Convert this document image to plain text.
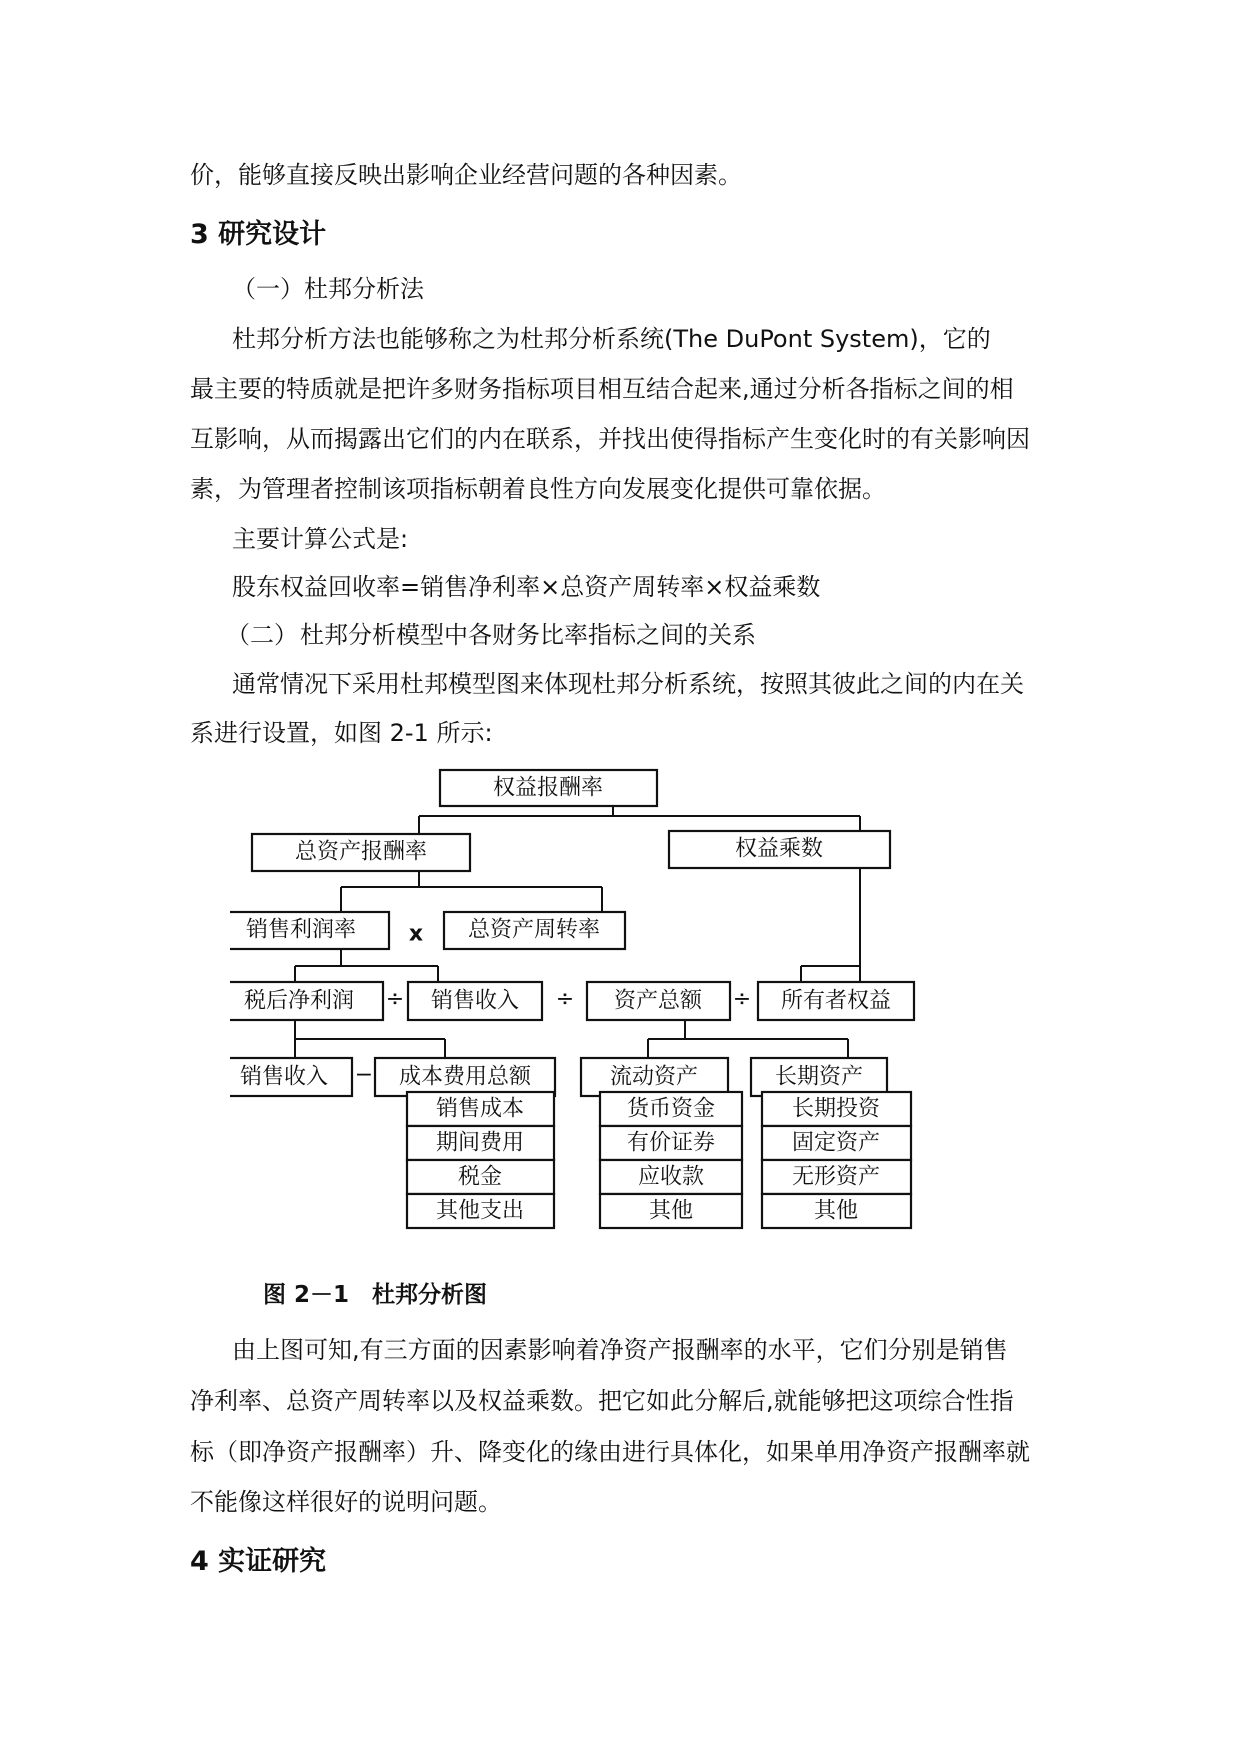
价，能够直接反映出影响企业经营问题的各种因素。

3 研究设计
（一）杜邦分析法

杜邦分析方法也能够称之为杜邦分析系统(The DuPont System)，它的

最主要的特质就是把许多财务指标项目相互结合起来,通过分析各指标之间的相

互影响，从而揭露出它们的内在联系，并找出使得指标产生变化时的有关影响因

素，为管理者控制该项指标朝着良性方向发展变化提供可靠依据。

主要计算公式是:

股东权益回收率=销售净利率×总资产周转率×权益乘数

（二） 杜邦分析模型中各财务比率指标之间的关系

通常情况下采用杜邦模型图来体现杜邦分析系统，按照其彼此之间的内在关

系进行设置，如图 2-1 所示:

权益报酬率
总资产报酬率	权益乘数
销售利润率 x 总资产周转率
税后净利润 ÷ 销售收入 ÷ 资产总额 ÷ 所有者权益
销售收入 − 成本费用总额	流动资产	长期资产
销售成本
期间费用
税金
其他支出
货币资金
有价证券
应收款
其他
长期投资
固定资产
无形资产
其他
图 2－1 杜邦分析图

由上图可知,有三方面的因素影响着净资产报酬率的水平，它们分别是销售

净利率、总资产周转率以及权益乘数。把它如此分解后,就能够把这项综合性指

标（即净资产报酬率）升、降变化的缘由进行具体化，如果单用净资产报酬率就

不能像这样很好的说明问题。

4 实证研究
